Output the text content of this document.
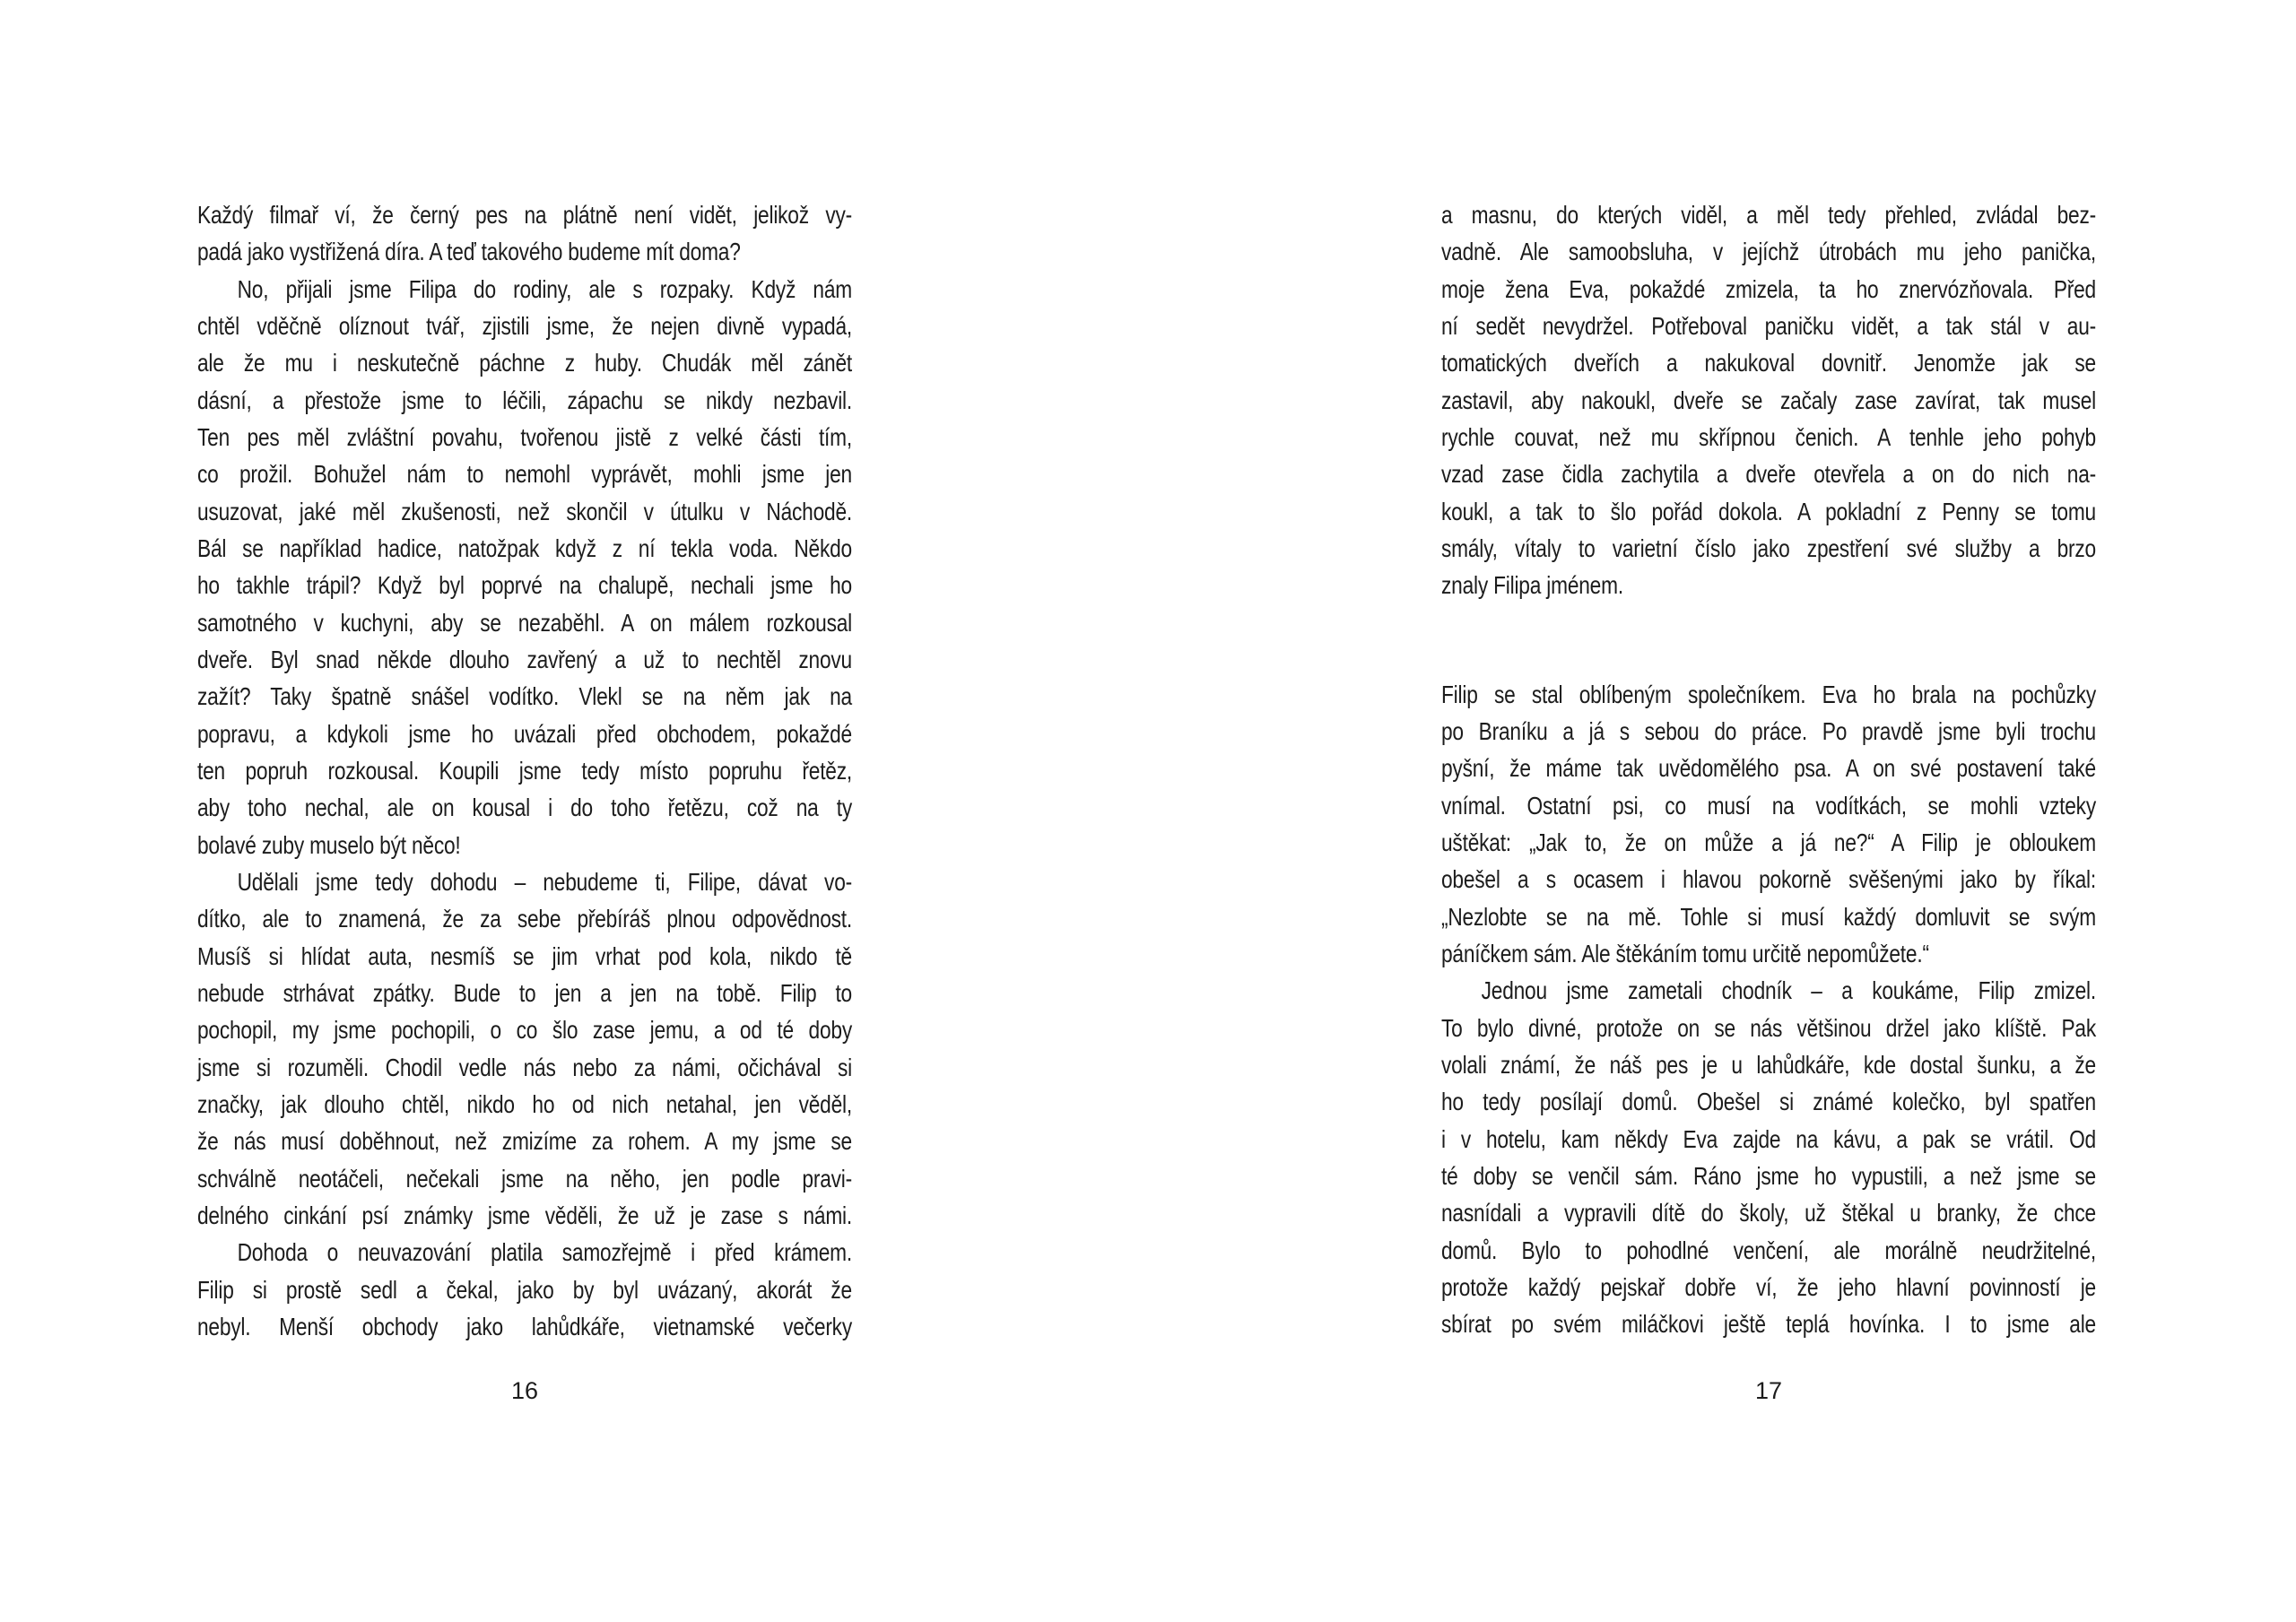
Každý filmař ví, že černý pes na plátně není vidět, jelikož vy-
padá jako vystřižená díra. A teď takového budeme mít doma?
No, přijali jsme Filipa do rodiny, ale s rozpaky. Když nám
chtěl vděčně olíznout tvář, zjistili jsme, že nejen divně vypadá,
ale že mu i neskutečně páchne z huby. Chudák měl zánět
dásní, a přestože jsme to léčili, zápachu se nikdy nezbavil.
Ten pes měl zvláštní povahu, tvořenou jistě z velké části tím,
co prožil. Bohužel nám to nemohl vyprávět, mohli jsme jen
usuzovat, jaké měl zkušenosti, než skončil v útulku v Náchodě.
Bál se například hadice, natožpak když z ní tekla voda. Někdo
ho takhle trápil? Když byl poprvé na chalupě, nechali jsme ho
samotného v kuchyni, aby se nezaběhl. A on málem rozkousal
dveře. Byl snad někde dlouho zavřený a už to nechtěl znovu
zažít? Taky špatně snášel vodítko. Vlekl se na něm jak na
popravu, a kdykoli jsme ho uvázali před obchodem, pokaždé
ten popruh rozkousal. Koupili jsme tedy místo popruhu řetěz,
aby toho nechal, ale on kousal i do toho řetězu, což na ty
bolavé zuby muselo být něco!
Udělali jsme tedy dohodu – nebudeme ti, Filipe, dávat vo-
dítko, ale to znamená, že za sebe přebíráš plnou odpovědnost.
Musíš si hlídat auta, nesmíš se jim vrhat pod kola, nikdo tě
nebude strhávat zpátky. Bude to jen a jen na tobě. Filip to
pochopil, my jsme pochopili, o co šlo zase jemu, a od té doby
jsme si rozuměli. Chodil vedle nás nebo za námi, očichával si
značky, jak dlouho chtěl, nikdo ho od nich netahal, jen věděl,
že nás musí doběhnout, než zmizíme za rohem. A my jsme se
schválně neotáčeli, nečekali jsme na něho, jen podle pravi-
delného cinkání psí známky jsme věděli, že už je zase s námi.
Dohoda o neuvazování platila samozřejmě i před krámem.
Filip si prostě sedl a čekal, jako by byl uvázaný, akorát že
nebyl. Menší obchody jako lahůdkáře, vietnamské večerky
16
a masnu, do kterých viděl, a měl tedy přehled, zvládal bez-
vadně. Ale samoobsluha, v jejíchž útrobách mu jeho panička,
moje žena Eva, pokaždé zmizela, ta ho znervózňovala. Před
ní sedět nevydržel. Potřeboval paničku vidět, a tak stál v au-
tomatických dveřích a nakukoval dovnitř. Jenomže jak se
zastavil, aby nakoukl, dveře se začaly zase zavírat, tak musel
rychle couvat, než mu skřípnou čenich. A tenhle jeho pohyb
vzad zase čidla zachytila a dveře otevřela a on do nich na-
koukl, a tak to šlo pořád dokola. A pokladní z Penny se tomu
smály, vítaly to varietní číslo jako zpestření své služby a brzo
znaly Filipa jménem.
Filip se stal oblíbeným společníkem. Eva ho brala na pochůzky
po Braníku a já s sebou do práce. Po pravdě jsme byli trochu
pyšní, že máme tak uvědomělého psa. A on své postavení také
vnímal. Ostatní psi, co musí na vodítkách, se mohli vzteky
uštěkat: „Jak to, že on může a já ne?“ A Filip je obloukem
obešel a s ocasem i hlavou pokorně svěšenými jako by říkal:
„Nezlobte se na mě. Tohle si musí každý domluvit se svým
páníčkem sám. Ale štěkáním tomu určitě nepomůžete.“
Jednou jsme zametali chodník – a koukáme, Filip zmizel.
To bylo divné, protože on se nás většinou držel jako klíště. Pak
volali známí, že náš pes je u lahůdkáře, kde dostal šunku, a že
ho tedy posílají domů. Obešel si známé kolečko, byl spatřen
i v hotelu, kam někdy Eva zajde na kávu, a pak se vrátil. Od
té doby se venčil sám. Ráno jsme ho vypustili, a než jsme se
nasnídali a vypravili dítě do školy, už štěkal u branky, že chce
domů. Bylo to pohodlné venčení, ale morálně neudržitelné,
protože každý pejskař dobře ví, že jeho hlavní povinností je
sbírat po svém miláčkovi ještě teplá hovínka. I to jsme ale
17
